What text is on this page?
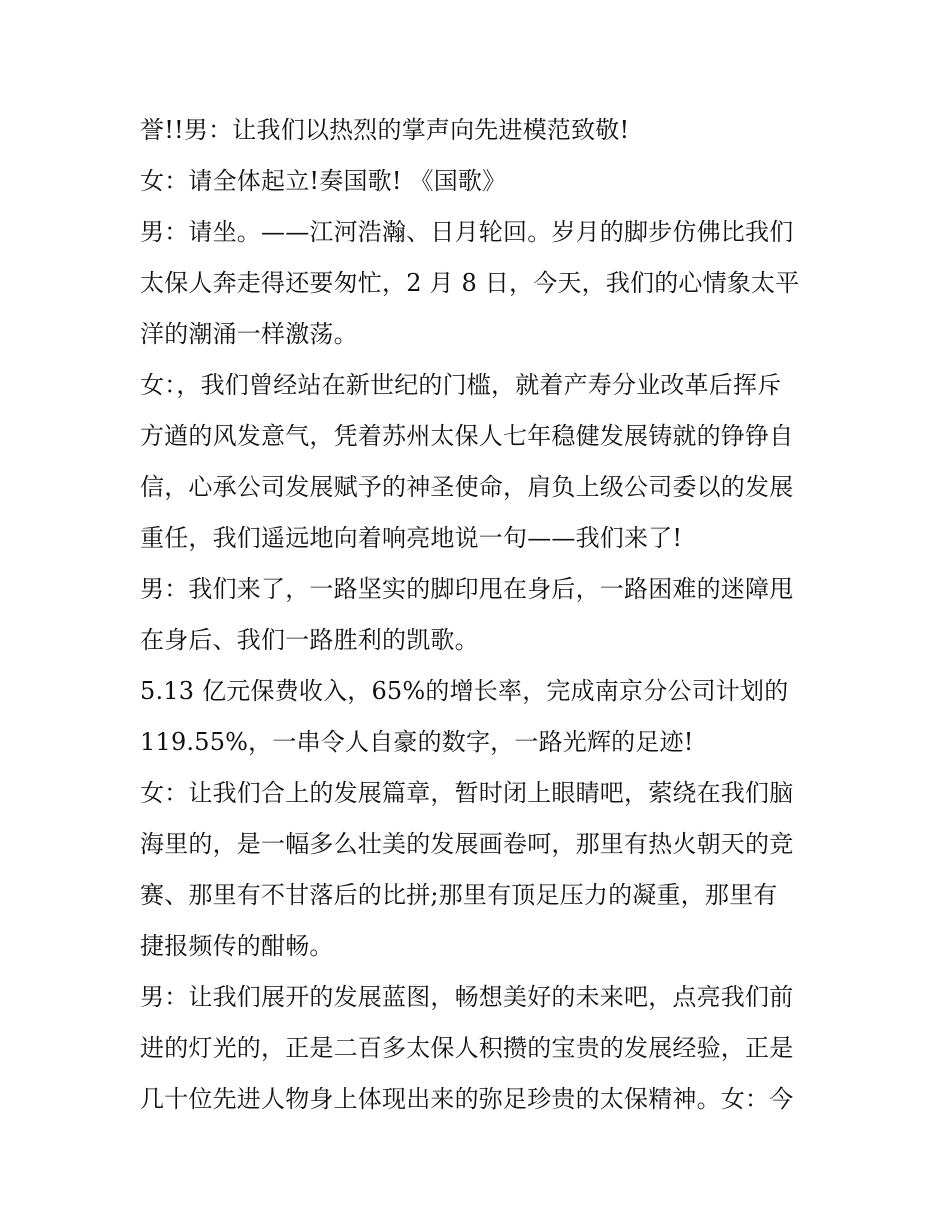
誉!!男：让我们以热烈的掌声向先进模范致敬!
女：请全体起立!奏国歌! 《国歌》
男：请坐。——江河浩瀚、日月轮回。岁月的脚步仿佛比我们
太保人奔走得还要匆忙，2 月 8 日，今天，我们的心情象太平
洋的潮涌一样激荡。
女：，我们曾经站在新世纪的门槛，就着产寿分业改革后挥斥
方遒的风发意气，凭着苏州太保人七年稳健发展铸就的铮铮自
信，心承公司发展赋予的神圣使命，肩负上级公司委以的发展
重任，我们遥远地向着响亮地说一句——我们来了!
男：我们来了，一路坚实的脚印甩在身后，一路困难的迷障甩
在身后、我们一路胜利的凯歌。
5.13 亿元保费收入，65%的增长率，完成南京分公司计划的
119.55%，一串令人自豪的数字，一路光辉的足迹!
女：让我们合上的发展篇章，暂时闭上眼睛吧，萦绕在我们脑
海里的，是一幅多么壮美的发展画卷呵，那里有热火朝天的竞
赛、那里有不甘落后的比拼;那里有顶足压力的凝重，那里有
捷报频传的酣畅。
男：让我们展开的发展蓝图，畅想美好的未来吧，点亮我们前
进的灯光的，正是二百多太保人积攒的宝贵的发展经验，正是
几十位先进人物身上体现出来的弥足珍贵的太保精神。女：今
